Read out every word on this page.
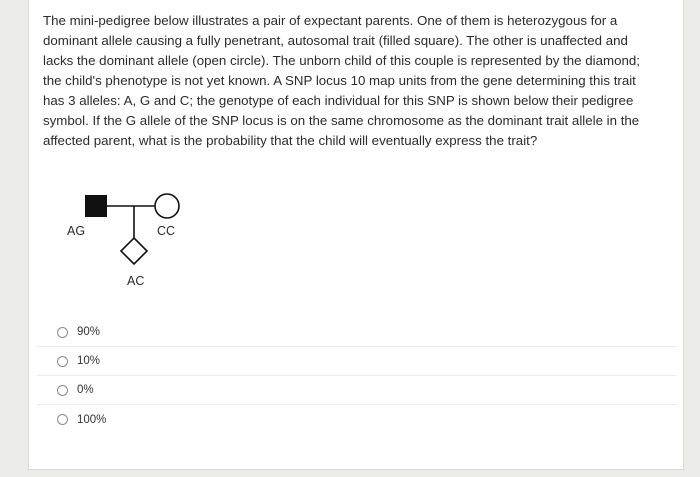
The mini-pedigree below illustrates a pair of expectant parents. One of them is heterozygous for a dominant allele causing a fully penetrant, autosomal trait (filled square). The other is unaffected and lacks the dominant allele (open circle). The unborn child of this couple is represented by the diamond; the child's phenotype is not yet known. A SNP locus 10 map units from the gene determining this trait has 3 alleles: A, G and C; the genotype of each individual for this SNP is shown below their pedigree symbol. If the G allele of the SNP locus is on the same chromosome as the dominant trait allele in the affected parent, what is the probability that the child will eventually express the trait?

AG	CC
AC
90%
10%
0%
100%
